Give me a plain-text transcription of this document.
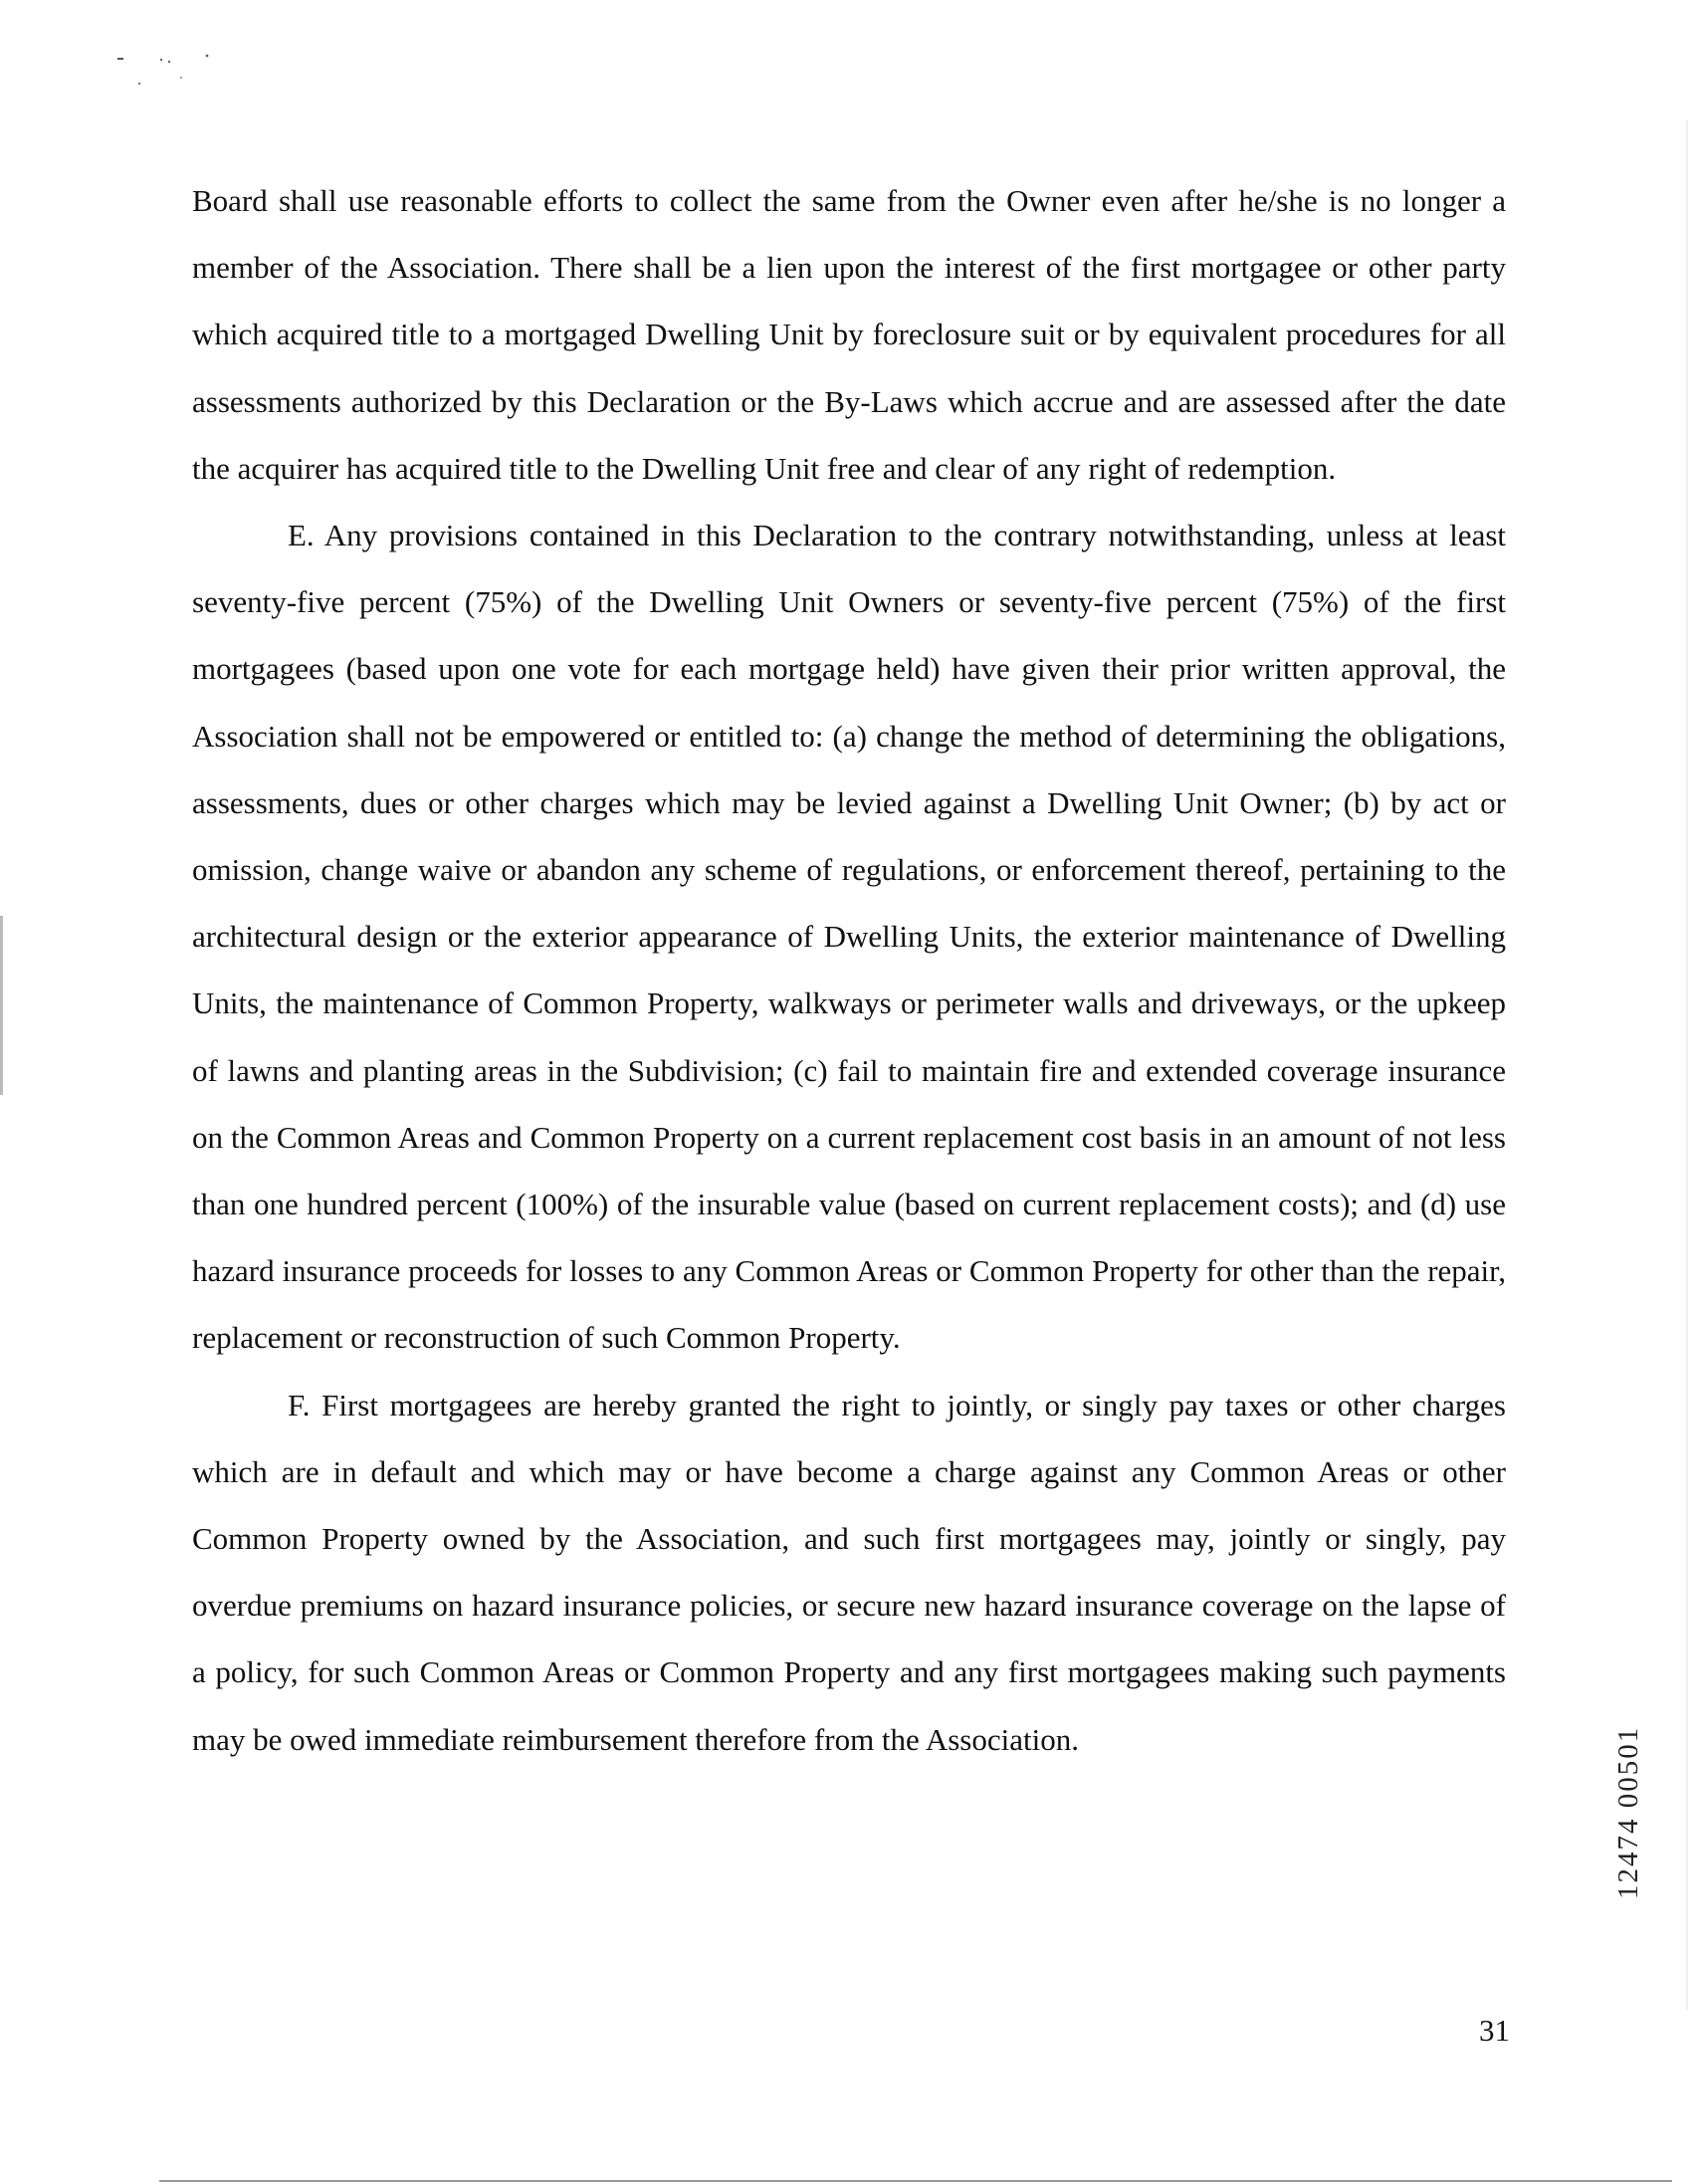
Board shall use reasonable efforts to collect the same from the Owner even after he/she is no longer a member of the Association. There shall be a lien upon the interest of the first mortgagee or other party which acquired title to a mortgaged Dwelling Unit by foreclosure suit or by equivalent procedures for all assessments authorized by this Declaration or the By-Laws which accrue and are assessed after the date the acquirer has acquired title to the Dwelling Unit free and clear of any right of redemption.

E. Any provisions contained in this Declaration to the contrary notwithstanding, unless at least seventy-five percent (75%) of the Dwelling Unit Owners or seventy-five percent (75%) of the first mortgagees (based upon one vote for each mortgage held) have given their prior written approval, the Association shall not be empowered or entitled to: (a) change the method of determining the obligations, assessments, dues or other charges which may be levied against a Dwelling Unit Owner; (b) by act or omission, change waive or abandon any scheme of regulations, or enforcement thereof, pertaining to the architectural design or the exterior appearance of Dwelling Units, the exterior maintenance of Dwelling Units, the maintenance of Common Property, walkways or perimeter walls and driveways, or the upkeep of lawns and planting areas in the Subdivision; (c) fail to maintain fire and extended coverage insurance on the Common Areas and Common Property on a current replacement cost basis in an amount of not less than one hundred percent (100%) of the insurable value (based on current replacement costs); and (d) use hazard insurance proceeds for losses to any Common Areas or Common Property for other than the repair, replacement or reconstruction of such Common Property.

F. First mortgagees are hereby granted the right to jointly, or singly pay taxes or other charges which are in default and which may or have become a charge against any Common Areas or other Common Property owned by the Association, and such first mortgagees may, jointly or singly, pay overdue premiums on hazard insurance policies, or secure new hazard insurance coverage on the lapse of a policy, for such Common Areas or Common Property and any first mortgagees making such payments may be owed immediate reimbursement therefore from the Association.	12474 00501
31
